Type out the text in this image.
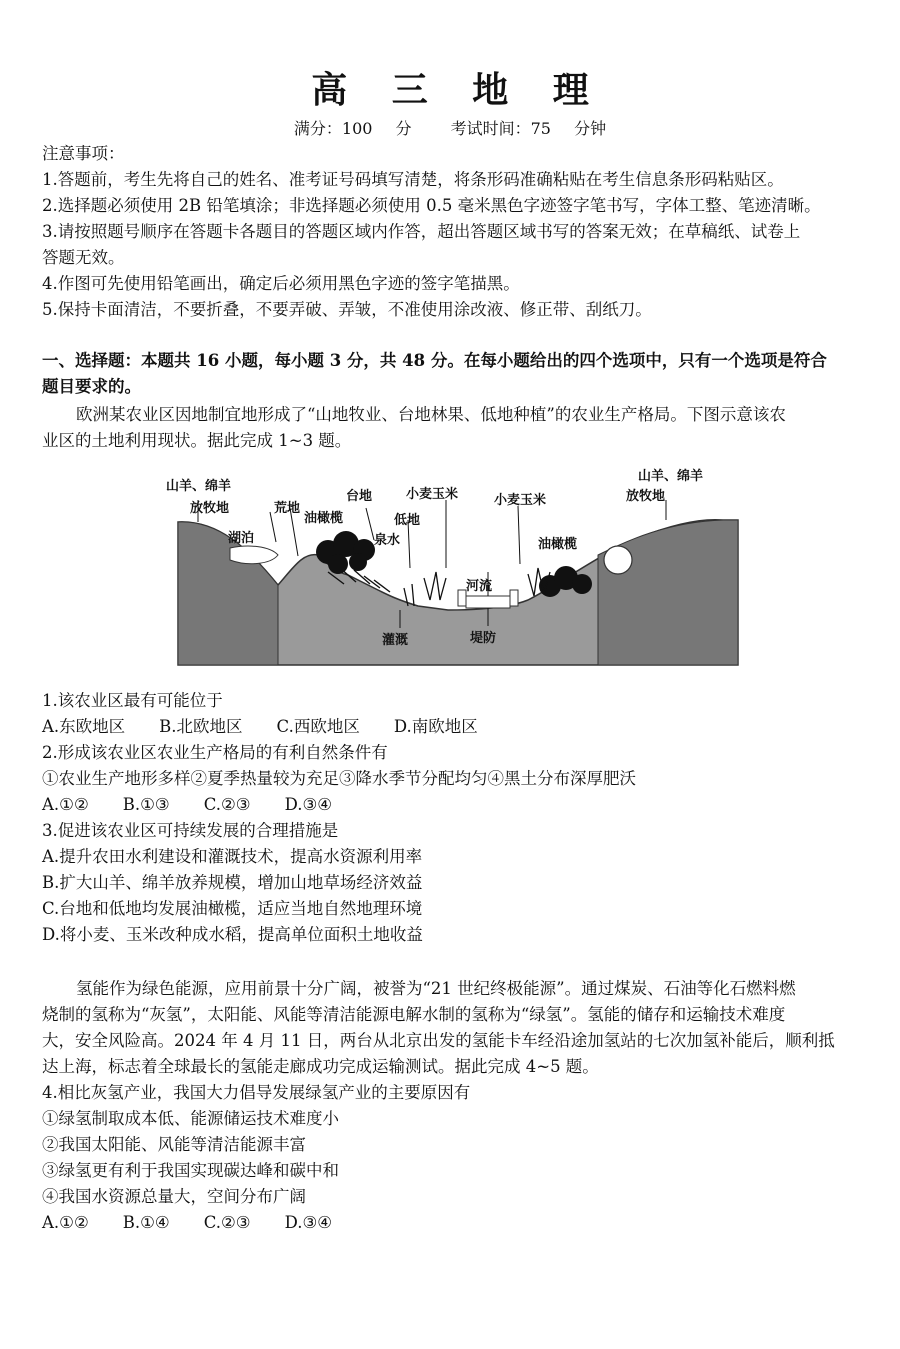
高 三 地 理
满分：100 分　 考试时间：75 分钟
注意事项：
1.答题前，考生先将自己的姓名、准考证号码填写清楚，将条形码准确粘贴在考生信息条形码粘贴区。
2.选择题必须使用 2B 铅笔填涂；非选择题必须使用 0.5 毫米黑色字迹签字笔书写，字体工整、笔迹清晰。
3.请按照题号顺序在答题卡各题目的答题区域内作答，超出答题区域书写的答案无效；在草稿纸、试卷上
答题无效。
4.作图可先使用铅笔画出，确定后必须用黑色字迹的签字笔描黑。
5.保持卡面清洁，不要折叠，不要弄破、弄皱，不准使用涂改液、修正带、刮纸刀。
一、选择题：本题共 16 小题，每小题 3 分，共 48 分。在每小题给出的四个选项中，只有一个选项是符合
题目要求的。
欧洲某农业区因地制宜地形成了“山地牧业、台地林果、低地种植”的农业生产格局。下图示意该农
业区的土地利用现状。据此完成 1~3 题。
山羊、绵羊
放牧地
湖泊
荒地
油橄榄
台地
泉水
低地
小麦玉米
河流
小麦玉米
山羊、绵羊
放牧地
油橄榄
灌溉	堤防
1.该农业区最有可能位于
A.东欧地区 B.北欧地区 C.西欧地区 D.南欧地区
2.形成该农业区农业生产格局的有利自然条件有
①农业生产地形多样②夏季热量较为充足③降水季节分配均匀④黑土分布深厚肥沃
A.①② B.①③ C.②③ D.③④
3.促进该农业区可持续发展的合理措施是
A.提升农田水利建设和灌溉技术，提高水资源利用率
B.扩大山羊、绵羊放养规模，增加山地草场经济效益
C.台地和低地均发展油橄榄，适应当地自然地理环境
D.将小麦、玉米改种成水稻，提高单位面积土地收益
氢能作为绿色能源，应用前景十分广阔，被誉为“21 世纪终极能源”。通过煤炭、石油等化石燃料燃
烧制的氢称为“灰氢”，太阳能、风能等清洁能源电解水制的氢称为“绿氢”。氢能的储存和运输技术难度
大，安全风险高。2024 年 4 月 11 日，两台从北京出发的氢能卡车经沿途加氢站的七次加氢补能后，顺利抵
达上海，标志着全球最长的氢能走廊成功完成运输测试。据此完成 4~5 题。
4.相比灰氢产业，我国大力倡导发展绿氢产业的主要原因有
①绿氢制取成本低、能源储运技术难度小
②我国太阳能、风能等清洁能源丰富
③绿氢更有利于我国实现碳达峰和碳中和
④我国水资源总量大，空间分布广阔
A.①② B.①④ C.②③ D.③④
